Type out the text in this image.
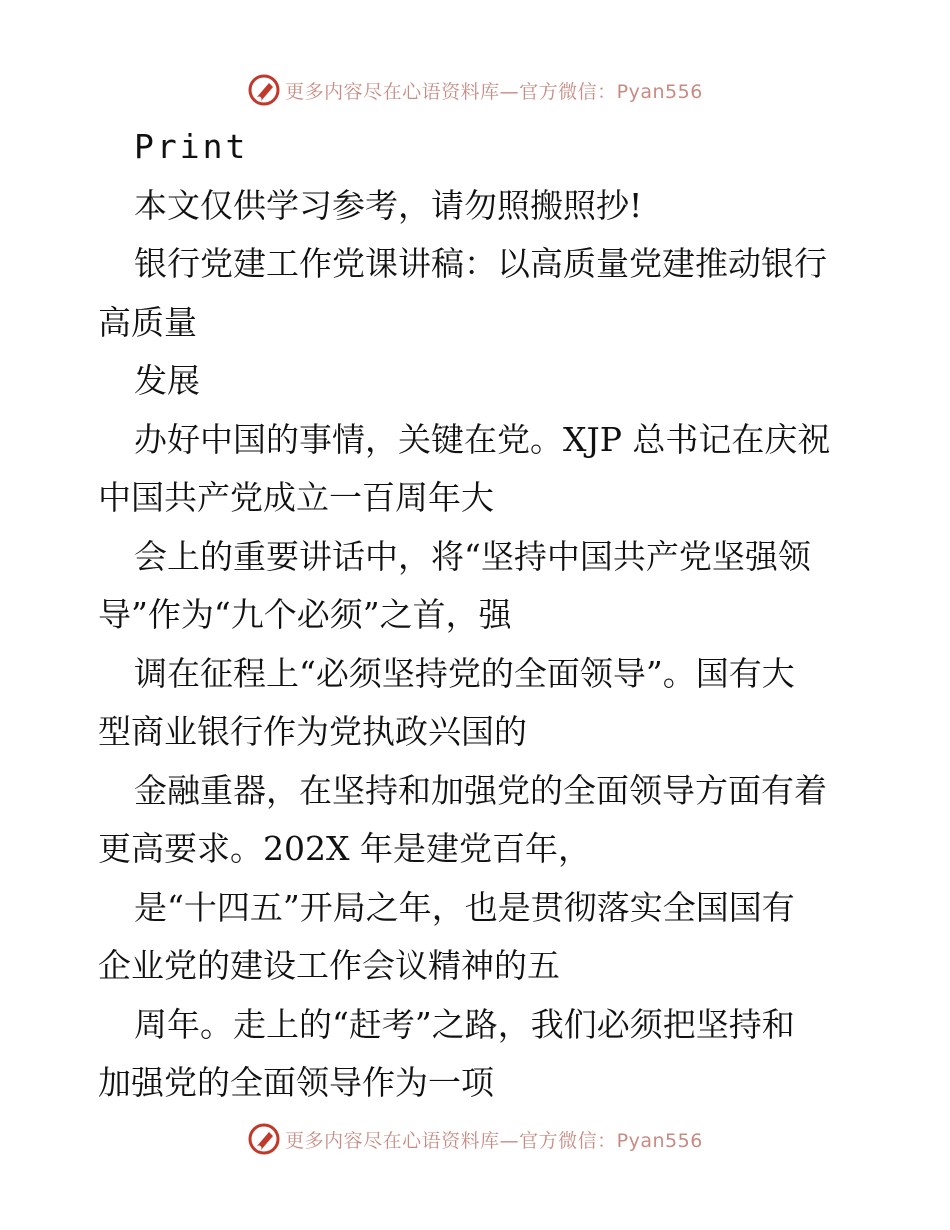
更多内容尽在心语资料库—官方微信：Pyan556
Print
本文仅供学习参考，请勿照搬照抄!
银行党建工作党课讲稿：以高质量党建推动银行
高质量
发展
办好中国的事情，关键在党。XJP 总书记在庆祝
中国共产党成立一百周年大
会上的重要讲话中，将“坚持中国共产党坚强领
导”作为“九个必须”之首，强
调在征程上“必须坚持党的全面领导”。国有大
型商业银行作为党执政兴国的
金融重器，在坚持和加强党的全面领导方面有着
更高要求。202X 年是建党百年，
是“十四五”开局之年，也是贯彻落实全国国有
企业党的建设工作会议精神的五
周年。走上的“赶考”之路，我们必须把坚持和
加强党的全面领导作为一项
更多内容尽在心语资料库—官方微信：Pyan556
